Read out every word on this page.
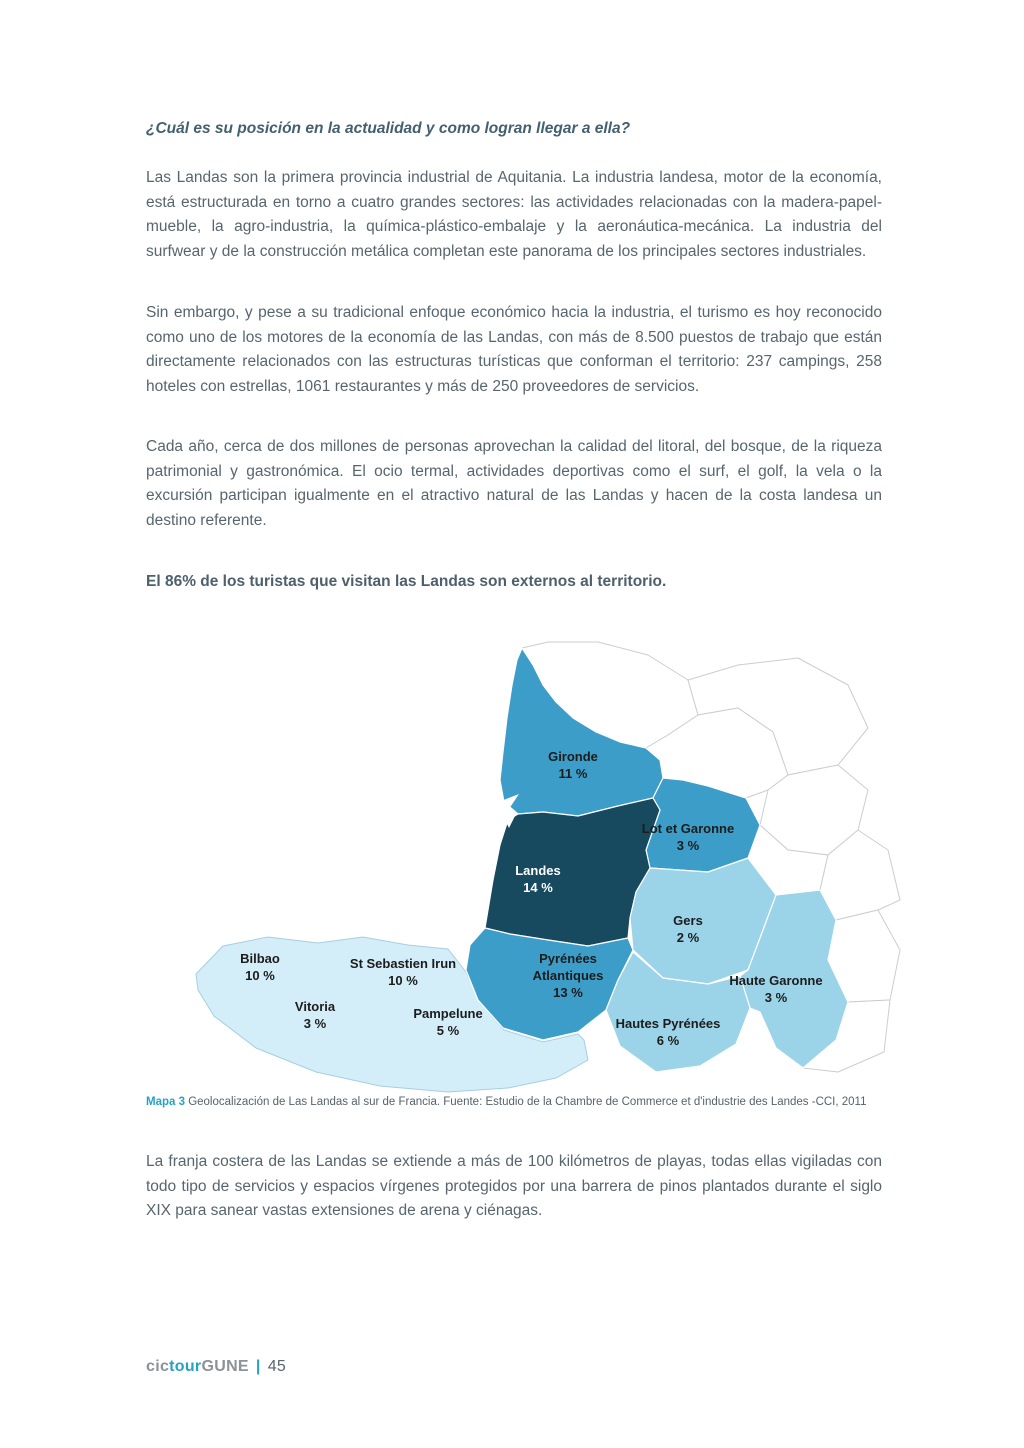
¿Cuál es su posición en la actualidad y como logran llegar a ella?
Las Landas son la primera provincia industrial de Aquitania. La industria landesa, motor de la economía, está estructurada en torno a cuatro grandes sectores: las actividades relacionadas con la madera-papel-mueble, la agro-industria, la química-plástico-embalaje y la aeronáutica-mecánica. La industria del surfwear y de la construcción metálica completan este panorama de los principales sectores industriales.
Sin embargo, y pese a su tradicional enfoque económico hacia la industria, el turismo es hoy reconocido como uno de los motores de la economía de las Landas, con más de 8.500 puestos de trabajo que están directamente relacionados con las estructuras turísticas que conforman el territorio: 237 campings, 258 hoteles con estrellas, 1061 restaurantes y más de 250 proveedores de servicios.
Cada año, cerca de dos millones de personas aprovechan la calidad del litoral, del bosque, de la riqueza patrimonial y gastronómica. El ocio termal, actividades deportivas como el surf, el golf, la vela o la excursión participan igualmente en el atractivo natural de las Landas y hacen de la costa landesa un destino referente.
El 86% de los turistas que visitan las Landas son externos al territorio.
Gironde
11 %
Lot et Garonne
3 %
Landes
14 %
Gers
2 %
Pyrénées Atlantiques
13 %
Haute Garonne
3 %
Hautes Pyrénées
6 %
Bilbao
10 %
St Sebastien Irun
10 %
Vitoria
3 %
Pampelune
5 %
Mapa 3 Geolocalización de Las Landas al sur de Francia. Fuente: Estudio de la Chambre de Commerce et d'industrie des Landes -CCI, 2011
La franja costera de las Landas se extiende a más de 100 kilómetros de playas, todas ellas vigiladas con todo tipo de servicios y espacios vírgenes protegidos por una barrera de pinos plantados durante el siglo XIX para sanear vastas extensiones de arena y ciénagas.
cictourGUNE | 45
